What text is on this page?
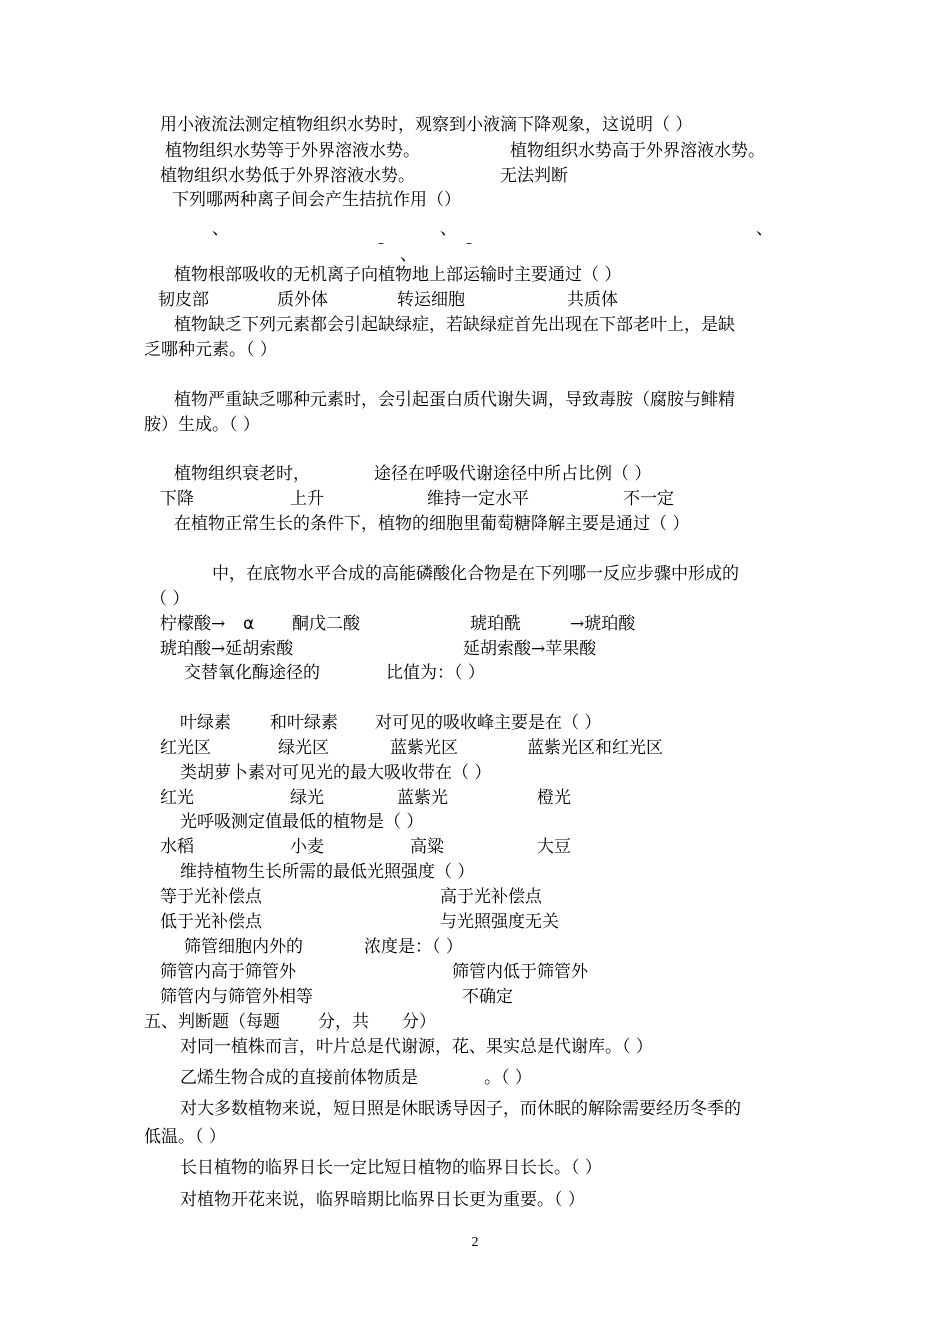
用小液流法测定植物组织水势时，观察到小液滴下降观象，这说明（ ）
植物组织水势等于外界溶液水势。	植物组织水势高于外界溶液水势。
植物组织水势低于外界溶液水势。	无法判断
下列哪两种离子间会产生拮抗作用（）
、	、	、
–	–
、
植物根部吸收的无机离子向植物地上部运输时主要通过（ ）
韧皮部	质外体	转运细胞	共质体
植物缺乏下列元素都会引起缺绿症，若缺绿症首先出现在下部老叶上，是缺
乏哪种元素。（ ）
植物严重缺乏哪种元素时，会引起蛋白质代谢失调，导致毒胺（腐胺与鲱精
胺）生成。（ ）
植物组织衰老时，	途径在呼吸代谢途径中所占比例（ ）
下降	上升	维持一定水平	不一定
在植物正常生长的条件下，植物的细胞里葡萄糖降解主要是通过（ ）
中，在底物水平合成的高能磷酸化合物是在下列哪一反应步骤中形成的
（ ）
柠檬酸→ α 酮戊二酸	琥珀酰	→琥珀酸
琥珀酸→延胡索酸	延胡索酸→苹果酸
交替氧化酶途径的	比值为：（ ）
叶绿素 和叶绿素 对可见的吸收峰主要是在（ ）
红光区	绿光区	蓝紫光区	蓝紫光区和红光区
类胡萝卜素对可见光的最大吸收带在（ ）
红光	绿光	蓝紫光	橙光
光呼吸测定值最低的植物是（ ）
水稻	小麦	高粱	大豆
维持植物生长所需的最低光照强度（ ）
等于光补偿点	高于光补偿点
低于光补偿点	与光照强度无关
筛管细胞内外的	浓度是：（ ）
筛管内高于筛管外	筛管内低于筛管外
筛管内与筛管外相等	不确定
五、判断题（每题 分，共 分）
对同一植株而言，叶片总是代谢源，花、果实总是代谢库。（ ）
乙烯生物合成的直接前体物质是	。（ ）
对大多数植物来说，短日照是休眠诱导因子，而休眠的解除需要经历冬季的
低温。（ ）
长日植物的临界日长一定比短日植物的临界日长长。（ ）
对植物开花来说，临界暗期比临界日长更为重要。（ ）
2
